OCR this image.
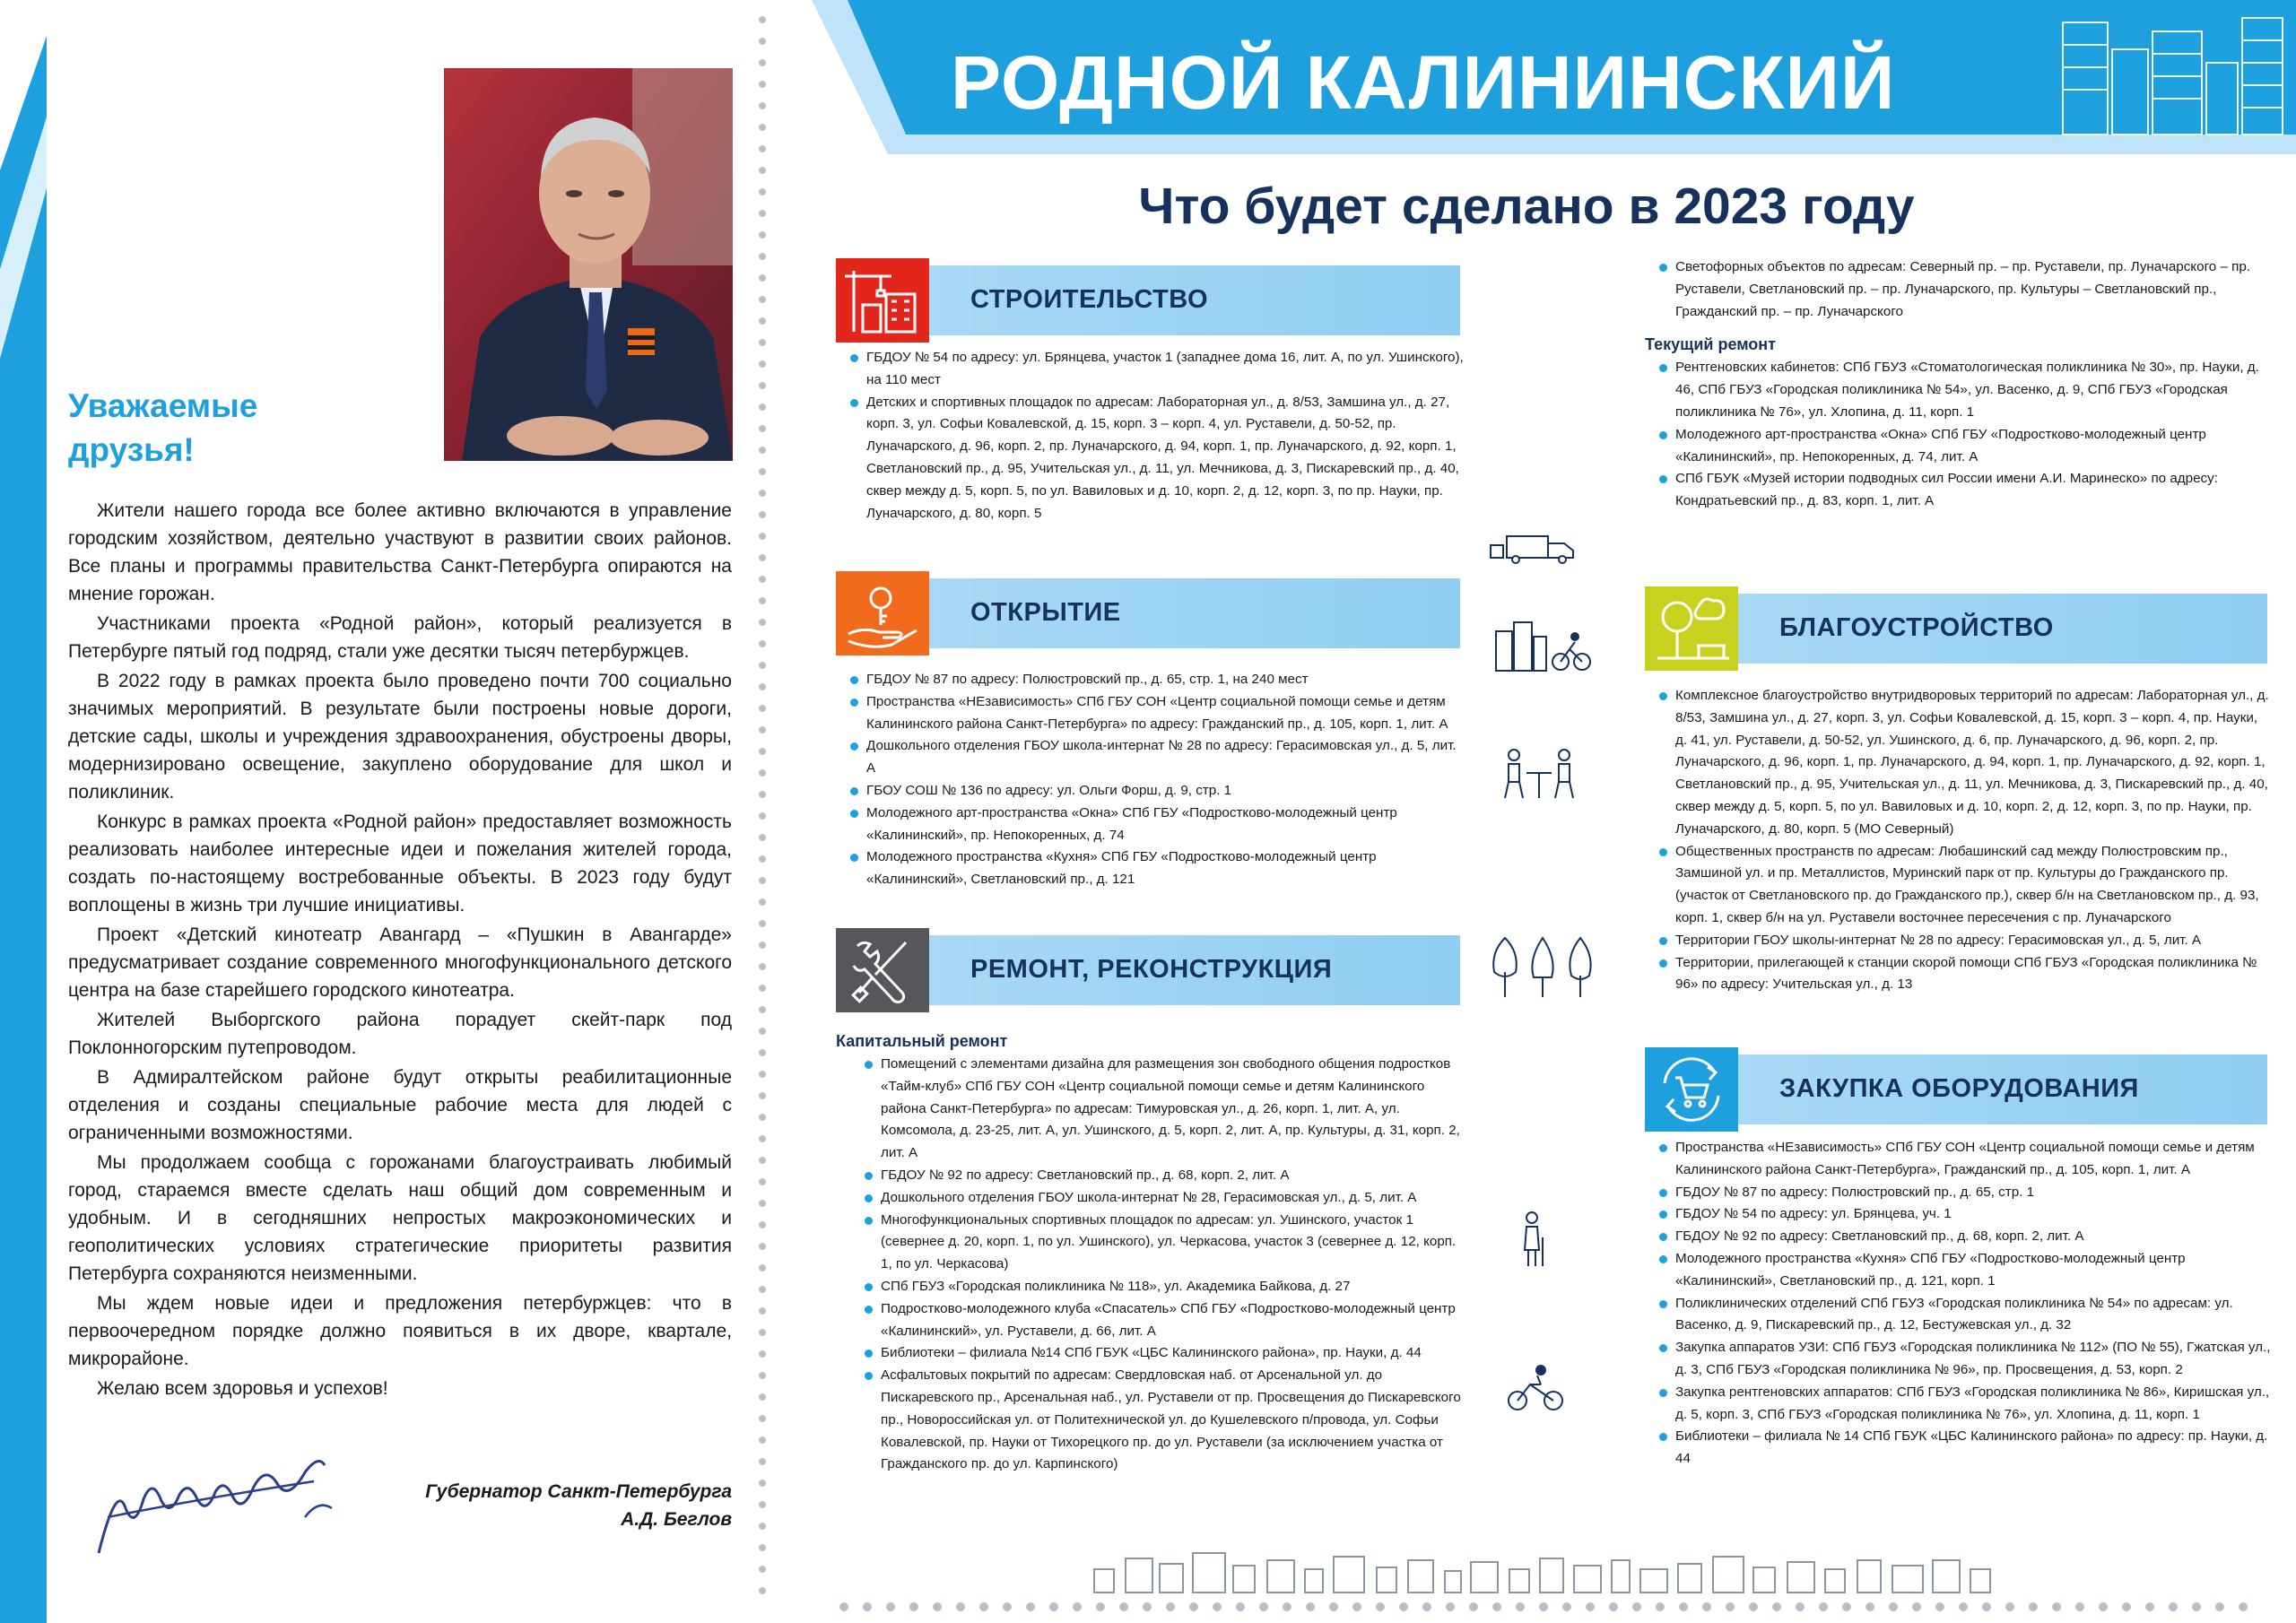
Уважаемые
друзья!

Жители нашего города все более активно включаются в управление городским хозяйством, деятельно участвуют в развитии своих районов. Все планы и программы правительства Санкт-Петербурга опираются на мнение горожан.

Участниками проекта «Родной район», который реализуется в Петербурге пятый год подряд, стали уже десятки тысяч петербуржцев.

В 2022 году в рамках проекта было проведено почти 700 социально значимых мероприятий. В результате были построены новые дороги, детские сады, школы и учреждения здравоохранения, обустроены дворы, модернизировано освещение, закуплено оборудование для школ и поликлиник.

Конкурс в рамках проекта «Родной район» предоставляет возможность реализовать наиболее интересные идеи и пожелания жителей города, создать по-настоящему востребованные объекты. В 2023 году будут воплощены в жизнь три лучшие инициативы.

Проект «Детский кинотеатр Авангард – «Пушкин в Авангарде» предусматривает создание современного многофункционального детского центра на базе старейшего городского кинотеатра.

Жителей Выборгского района порадует скейт-парк под Поклонногорским путепроводом.

В Адмиралтейском районе будут открыты реабилитационные отделения и созданы специальные рабочие места для людей с ограниченными возможностями.

Мы продолжаем сообща с горожанами благоустраивать любимый город, стараемся вместе сделать наш общий дом современным и удобным. И в сегодняшних непростых макроэкономических и геополитических условиях стратегические приоритеты развития Петербурга сохраняются неизменными.

Мы ждем новые идеи и предложения петербуржцев: что в первоочередном порядке должно появиться в их дворе, квартале, микрорайоне.

Желаю всем здоровья и успехов!

Губернатор Санкт-Петербурга
А.Д. Беглов
РОДНОЙ КАЛИНИНСКИЙ
Что будет сделано в 2023 году
СТРОИТЕЛЬСТВО
ГБДОУ № 54 по адресу: ул. Брянцева, участок 1 (западнее дома 16, лит. А, по ул. Ушинского), на 110 мест
Детских и спортивных площадок по адресам: Лабораторная ул., д. 8/53, Замшина ул., д. 27, корп. 3, ул. Софьи Ковалевской, д. 15, корп. 3 – корп. 4, ул. Руставели, д. 50-52, пр. Луначарского, д. 96, корп. 2, пр. Луначарского, д. 94, корп. 1, пр. Луначарского, д. 92, корп. 1, Светлановский пр., д. 95, Учительская ул., д. 11, ул. Мечникова, д. 3, Пискаревский пр., д. 40, сквер между д. 5, корп. 5, по ул. Вавиловых и д. 10, корп. 2, д. 12, корп. 3, по пр. Науки, пр. Луначарского, д. 80, корп. 5
ОТКРЫТИЕ
ГБДОУ № 87 по адресу: Полюстровский пр., д. 65, стр. 1, на 240 мест
Пространства «НЕзависимость» СПб ГБУ СОН «Центр социальной помощи семье и детям Калининского района Санкт-Петербурга» по адресу: Гражданский пр., д. 105, корп. 1, лит. А
Дошкольного отделения ГБОУ школа-интернат № 28 по адресу: Герасимовская ул., д. 5, лит. А
ГБОУ СОШ № 136 по адресу: ул. Ольги Форш, д. 9, стр. 1
Молодежного арт-пространства «Окна» СПб ГБУ «Подростково-молодежный центр «Калининский», пр. Непокоренных, д. 74
Молодежного пространства «Кухня» СПб ГБУ «Подростково-молодежный центр «Калининский», Светлановский пр., д. 121
РЕМОНТ, РЕКОНСТРУКЦИЯ
Капитальный ремонт
Помещений с элементами дизайна для размещения зон свободного общения подростков «Тайм-клуб» СПб ГБУ СОН «Центр социальной помощи семье и детям Калининского района Санкт-Петербурга» по адресам: Тимуровская ул., д. 26, корп. 1, лит. А, ул. Комсомола, д. 23-25, лит. А, ул. Ушинского, д. 5, корп. 2, лит. А, пр. Культуры, д. 31, корп. 2, лит. А
ГБДОУ № 92 по адресу: Светлановский пр., д. 68, корп. 2, лит. А
Дошкольного отделения ГБОУ школа-интернат № 28, Герасимовская ул., д. 5, лит. А
Многофункциональных спортивных площадок по адресам: ул. Ушинского, участок 1 (севернее д. 20, корп. 1, по ул. Ушинского), ул. Черкасова, участок 3 (севернее д. 12, корп. 1, по ул. Черкасова)
СПб ГБУЗ «Городская поликлиника № 118», ул. Академика Байкова, д. 27
Подростково-молодежного клуба «Спасатель» СПб ГБУ «Подростково-молодежный центр «Калининский», ул. Руставели, д. 66, лит. А
Библиотеки – филиала №14 СПб ГБУК «ЦБС Калининского района», пр. Науки, д. 44
Асфальтовых покрытий по адресам: Свердловская наб. от Арсенальной ул. до Пискаревского пр., Арсенальная наб., ул. Руставели от пр. Просвещения до Пискаревского пр., Новороссийская ул. от Политехнической ул. до Кушелевского п/провода, ул. Софьи Ковалевской, пр. Науки от Тихорецкого пр. до ул. Руставели (за исключением участка от Гражданского пр. до ул. Карпинского)
Светофорных объектов по адресам: Северный пр. – пр. Руставели, пр. Луначарского – пр. Руставели, Светлановский пр. – пр. Луначарского, пр. Культуры – Светлановский пр., Гражданский пр. – пр. Луначарского
Текущий ремонт
Рентгеновских кабинетов: СПб ГБУЗ «Стоматологическая поликлиника № 30», пр. Науки, д. 46, СПб ГБУЗ «Городская поликлиника № 54», ул. Васенко, д. 9, СПб ГБУЗ «Городская поликлиника № 76», ул. Хлопина, д. 11, корп. 1
Молодежного арт-пространства «Окна» СПб ГБУ «Подростково-молодежный центр «Калининский», пр. Непокоренных, д. 74, лит. А
СПб ГБУК «Музей истории подводных сил России имени А.И. Маринеско» по адресу: Кондратьевский пр., д. 83, корп. 1, лит. А
БЛАГОУСТРОЙСТВО
Комплексное благоустройство внутридворовых территорий по адресам: Лабораторная ул., д. 8/53, Замшина ул., д. 27, корп. 3, ул. Софьи Ковалевской, д. 15, корп. 3 – корп. 4, пр. Науки, д. 41, ул. Руставели, д. 50-52, ул. Ушинского, д. 6, пр. Луначарского, д. 96, корп. 2, пр. Луначарского, д. 96, корп. 1, пр. Луначарского, д. 94, корп. 1, пр. Луначарского, д. 92, корп. 1, Светлановский пр., д. 95, Учительская ул., д. 11, ул. Мечникова, д. 3, Пискаревский пр., д. 40, сквер между д. 5, корп. 5, по ул. Вавиловых и д. 10, корп. 2, д. 12, корп. 3, по пр. Науки, пр. Луначарского, д. 80, корп. 5 (МО Северный)
Общественных пространств по адресам: Любашинский сад между Полюстровским пр., Замшиной ул. и пр. Металлистов, Муринский парк от пр. Культуры до Гражданского пр. (участок от Светлановского пр. до Гражданского пр.), сквер б/н на Светлановском пр., д. 93, корп. 1, сквер б/н на ул. Руставели восточнее пересечения с пр. Луначарского
Территории ГБОУ школы-интернат № 28 по адресу: Герасимовская ул., д. 5, лит. А
Территории, прилегающей к станции скорой помощи СПб ГБУЗ «Городская поликлиника № 96» по адресу: Учительская ул., д. 13
ЗАКУПКА ОБОРУДОВАНИЯ
Пространства «НЕзависимость» СПб ГБУ СОН «Центр социальной помощи семье и детям Калининского района Санкт-Петербурга», Гражданский пр., д. 105, корп. 1, лит. А
ГБДОУ № 87 по адресу: Полюстровский пр., д. 65, стр. 1
ГБДОУ № 54 по адресу: ул. Брянцева, уч. 1
ГБДОУ № 92 по адресу: Светлановский пр., д. 68, корп. 2, лит. А
Молодежного пространства «Кухня» СПб ГБУ «Подростково-молодежный центр «Калининский», Светлановский пр., д. 121, корп. 1
Поликлинических отделений СПб ГБУЗ «Городская поликлиника № 54» по адресам: ул. Васенко, д. 9, Пискаревский пр., д. 12, Бестужевская ул., д. 32
Закупка аппаратов УЗИ: СПб ГБУЗ «Городская поликлиника № 112» (ПО № 55), Гжатская ул., д. 3, СПб ГБУЗ «Городская поликлиника № 96», пр. Просвещения, д. 53, корп. 2
Закупка рентгеновских аппаратов: СПб ГБУЗ «Городская поликлиника № 86», Киришская ул., д. 5, корп. 3, СПб ГБУЗ «Городская поликлиника № 76», ул. Хлопина, д. 11, корп. 1
Библиотеки – филиала № 14 СПб ГБУК «ЦБС Калининского района» по адресу: пр. Науки, д. 44
